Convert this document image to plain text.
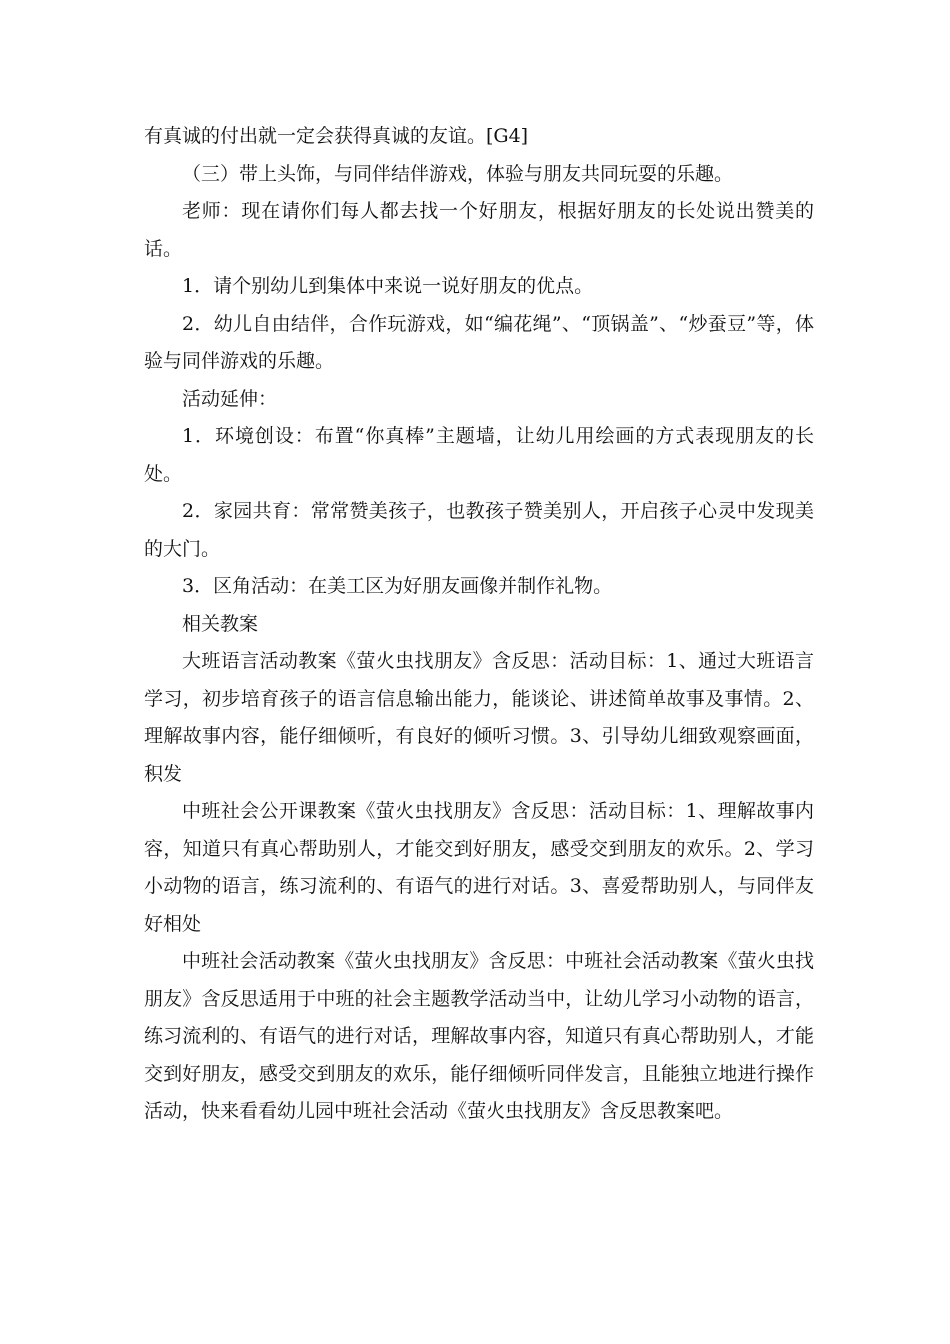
有真诚的付出就一定会获得真诚的友谊。[G4]

（三）带上头饰，与同伴结伴游戏，体验与朋友共同玩耍的乐趣。

老师：现在请你们每人都去找一个好朋友，根据好朋友的长处说出赞美的话。

1．请个别幼儿到集体中来说一说好朋友的优点。

2．幼儿自由结伴，合作玩游戏，如“编花绳”、“顶锅盖”、“炒蚕豆”等，体验与同伴游戏的乐趣。

活动延伸：

1．环境创设：布置“你真棒”主题墙，让幼儿用绘画的方式表现朋友的长处。

2．家园共育：常常赞美孩子，也教孩子赞美别人，开启孩子心灵中发现美的大门。

3．区角活动：在美工区为好朋友画像并制作礼物。

相关教案

大班语言活动教案《萤火虫找朋友》含反思：活动目标：1、通过大班语言学习，初步培育孩子的语言信息输出能力，能谈论、讲述简单故事及事情。2、理解故事内容，能仔细倾听，有良好的倾听习惯。3、引导幼儿细致观察画面，积发

中班社会公开课教案《萤火虫找朋友》含反思：活动目标：1、理解故事内容，知道只有真心帮助别人，才能交到好朋友，感受交到朋友的欢乐。2、学习小动物的语言，练习流利的、有语气的进行对话。3、喜爱帮助别人，与同伴友好相处

中班社会活动教案《萤火虫找朋友》含反思：中班社会活动教案《萤火虫找朋友》含反思适用于中班的社会主题教学活动当中，让幼儿学习小动物的语言，练习流利的、有语气的进行对话，理解故事内容，知道只有真心帮助别人，才能交到好朋友，感受交到朋友的欢乐，能仔细倾听同伴发言，且能独立地进行操作活动，快来看看幼儿园中班社会活动《萤火虫找朋友》含反思教案吧。
